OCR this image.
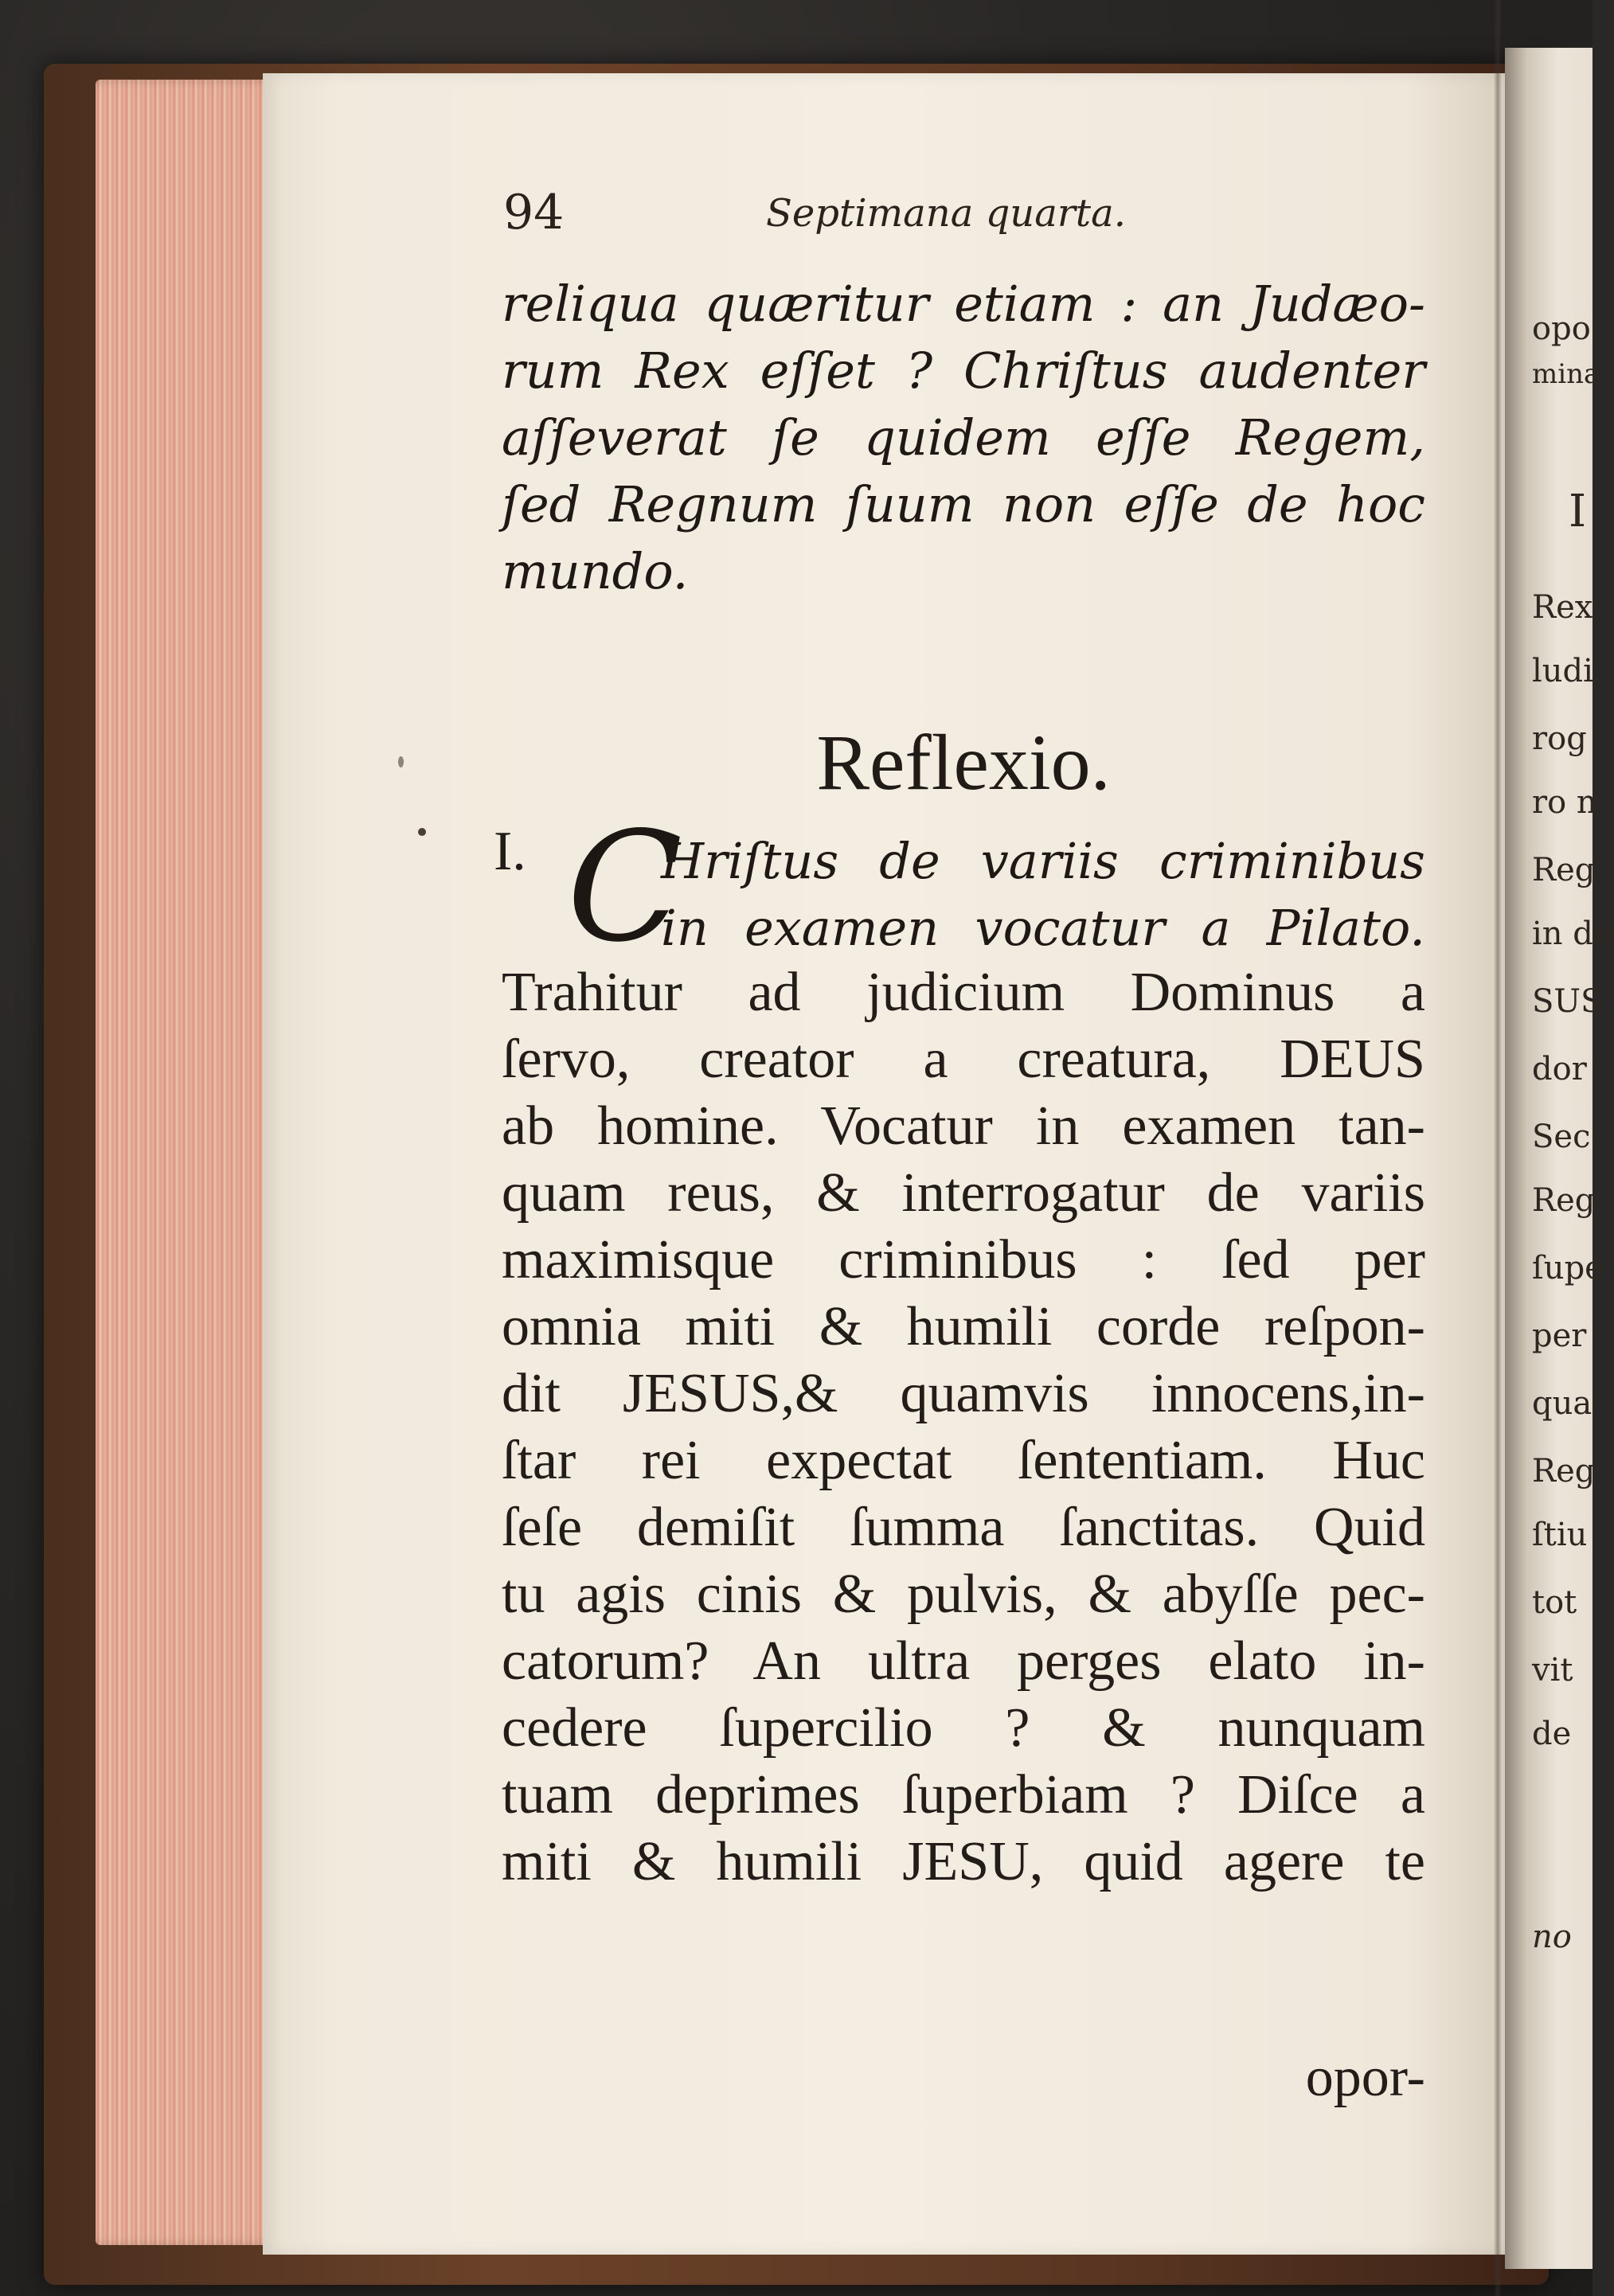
94	Septimana quarta.
reliqua quæritur etiam : an Judæo-
rum Rex eſſet ? Chriſtus audenter
aſſeverat ſe quidem eſſe Regem,
ſed Regnum ſuum non eſſe de hoc
mundo.
Reflexio.
I. C
Hriſtus de variis criminibus
in examen vocatur a Pilato.
Trahitur ad judicium Dominus a
ſervo, creator a creatura, DEUS
ab homine. Vocatur in examen tan-
quam reus, & interrogatur de variis
maximisque criminibus : ſed per
omnia miti & humili corde reſpon-
dit JESUS,& quamvis innocens,in-
ſtar rei expectat ſententiam. Huc
ſeſe demiſit ſumma ſanctitas. Quid
tu agis cinis & pulvis, & abyſſe pec-
catorum? An ultra perges elato in-
cedere ſupercilio ? & nunquam
tuam deprimes ſuperbiam ? Diſce a
miti & humili JESU, quid agere te
opor-
opo
mina
I
Rex
ludi
rog
ro n
Reg
in du
SUS
dor
Sec
Reg
ſupe
per
qua
Reg
ſtiu
tot
vit
de
no
